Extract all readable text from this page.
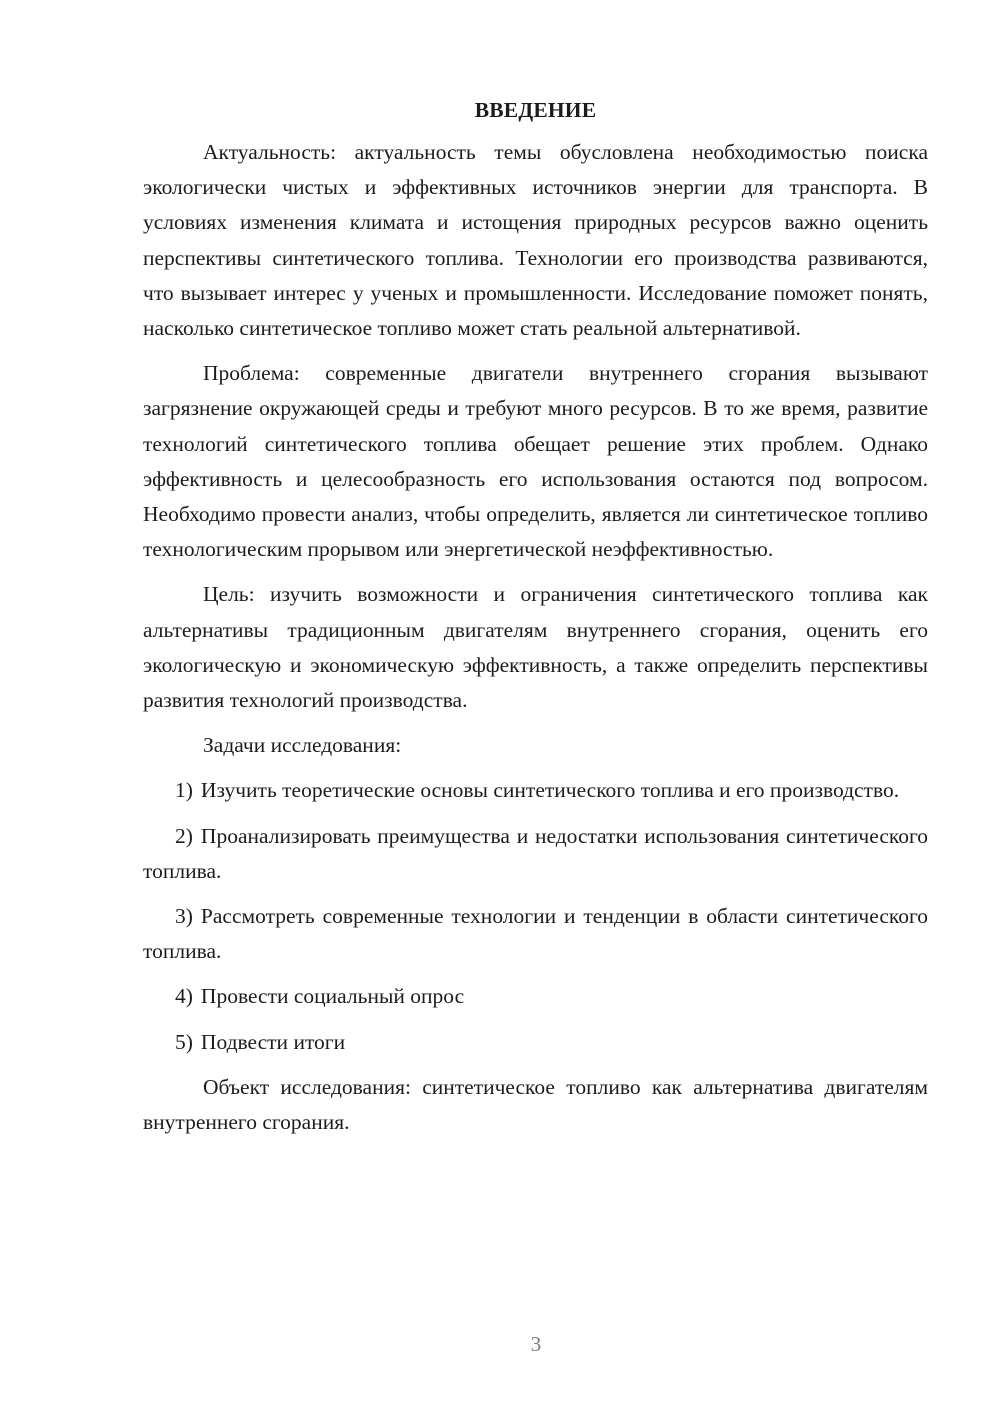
ВВЕДЕНИЕ

Актуальность: актуальность темы обусловлена необходимостью поиска экологически чистых и эффективных источников энергии для транспорта. В условиях изменения климата и истощения природных ресурсов важно оценить перспективы синтетического топлива. Технологии его производства развиваются, что вызывает интерес у ученых и промышленности. Исследование поможет понять, насколько синтетическое топливо может стать реальной альтернативой.

Проблема: современные двигатели внутреннего сгорания вызывают загрязнение окружающей среды и требуют много ресурсов. В то же время, развитие технологий синтетического топлива обещает решение этих проблем. Однако эффективность и целесообразность его использования остаются под вопросом. Необходимо провести анализ, чтобы определить, является ли синтетическое топливо технологическим прорывом или энергетической неэффективностью.

Цель: изучить возможности и ограничения синтетического топлива как альтернативы традиционным двигателям внутреннего сгорания, оценить его экологическую и экономическую эффективность, а также определить перспективы развития технологий производства.

Задачи исследования:

1) Изучить теоретические основы синтетического топлива и его производство.

2) Проанализировать преимущества и недостатки использования синтетического топлива.

3) Рассмотреть современные технологии и тенденции в области синтетического топлива.

4) Провести социальный опрос

5) Подвести итоги

Объект исследования: синтетическое топливо как альтернатива двигателям внутреннего сгорания.

3
